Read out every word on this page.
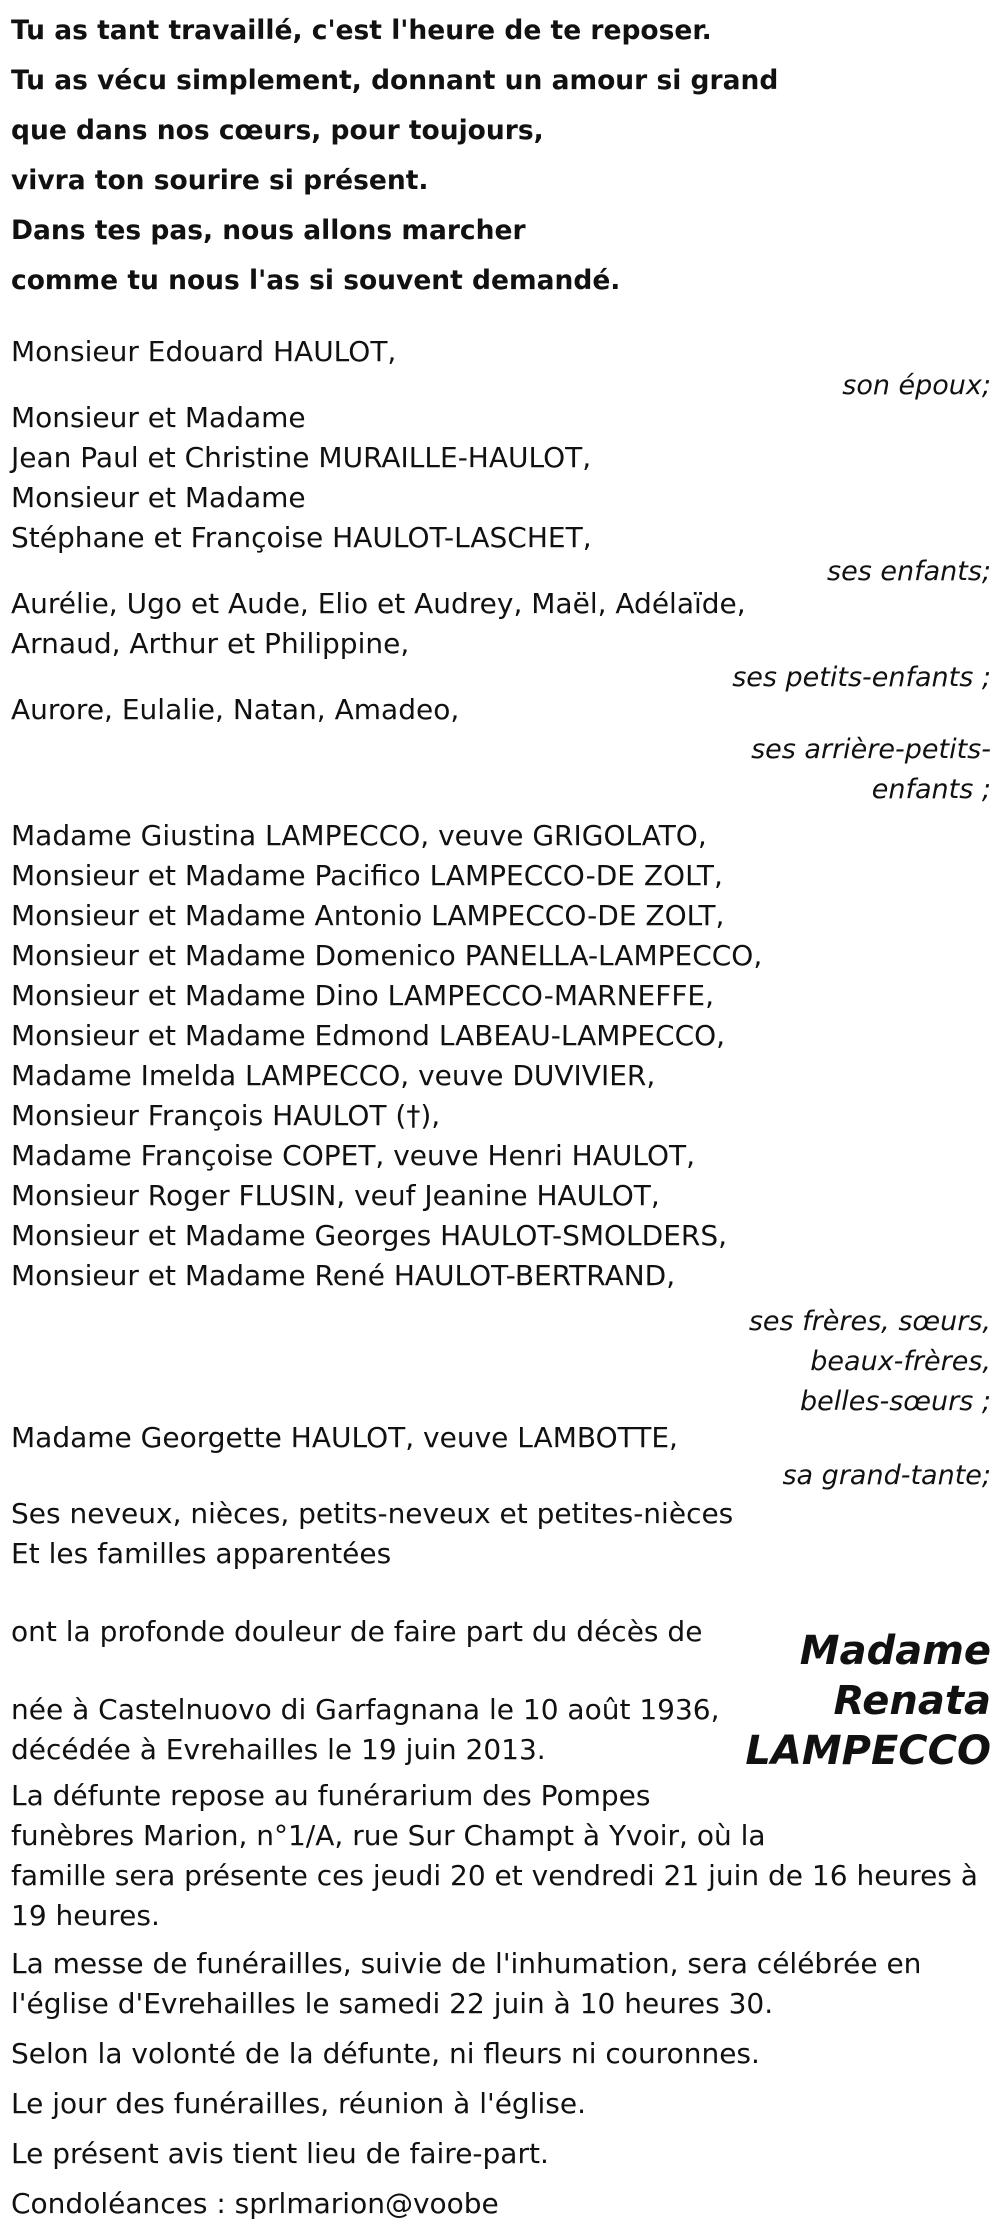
Tu as tant travaillé, c'est l'heure de te reposer.
Tu as vécu simplement, donnant un amour si grand
que dans nos cœurs, pour toujours,
vivra ton sourire si présent.
Dans tes pas, nous allons marcher
comme tu nous l'as si souvent demandé.
Monsieur Edouard HAULOT,
son époux;
Monsieur et Madame
Jean Paul et Christine MURAILLE-HAULOT,
Monsieur et Madame
Stéphane et Françoise HAULOT-LASCHET,
ses enfants;
Aurélie, Ugo et Aude, Elio et Audrey, Maël, Adélaïde,
Arnaud, Arthur et Philippine,
ses petits-enfants ;
Aurore, Eulalie, Natan, Amadeo,
ses arrière-petits-
enfants ;
Madame Giustina LAMPECCO, veuve GRIGOLATO,
Monsieur et Madame Pacifico LAMPECCO-DE ZOLT,
Monsieur et Madame Antonio LAMPECCO-DE ZOLT,
Monsieur et Madame Domenico PANELLA-LAMPECCO,
Monsieur et Madame Dino LAMPECCO-MARNEFFE,
Monsieur et Madame Edmond LABEAU-LAMPECCO,
Madame Imelda LAMPECCO, veuve DUVIVIER,
Monsieur François HAULOT (†),
Madame Françoise COPET, veuve Henri HAULOT,
Monsieur Roger FLUSIN, veuf Jeanine HAULOT,
Monsieur et Madame Georges HAULOT-SMOLDERS,
Monsieur et Madame René HAULOT-BERTRAND,
ses frères, sœurs,
beaux-frères,
belles-sœurs ;
Madame Georgette HAULOT, veuve LAMBOTTE,
sa grand-tante;
Ses neveux, nièces, petits-neveux et petites-nièces
Et les familles apparentées
ont la profonde douleur de faire part du décès de
née à Castelnuovo di Garfagnana le 10 août 1936,
décédée à Evrehailles le 19 juin 2013.
La défunte repose au funérarium des Pompes
funèbres Marion, n°1/A, rue Sur Champt à Yvoir, où la
famille sera présente ces jeudi 20 et vendredi 21 juin de 16 heures à 19 heures.
La messe de funérailles, suivie de l'inhumation, sera célébrée en l'église d'Evrehailles le samedi 22 juin à 10 heures 30.
Selon la volonté de la défunte, ni fleurs ni couronnes.
Le jour des funérailles, réunion à l'église.
Le présent avis tient lieu de faire-part.
Condoléances : sprlmarion@voobe
Madame
Renata
LAMPECCO
